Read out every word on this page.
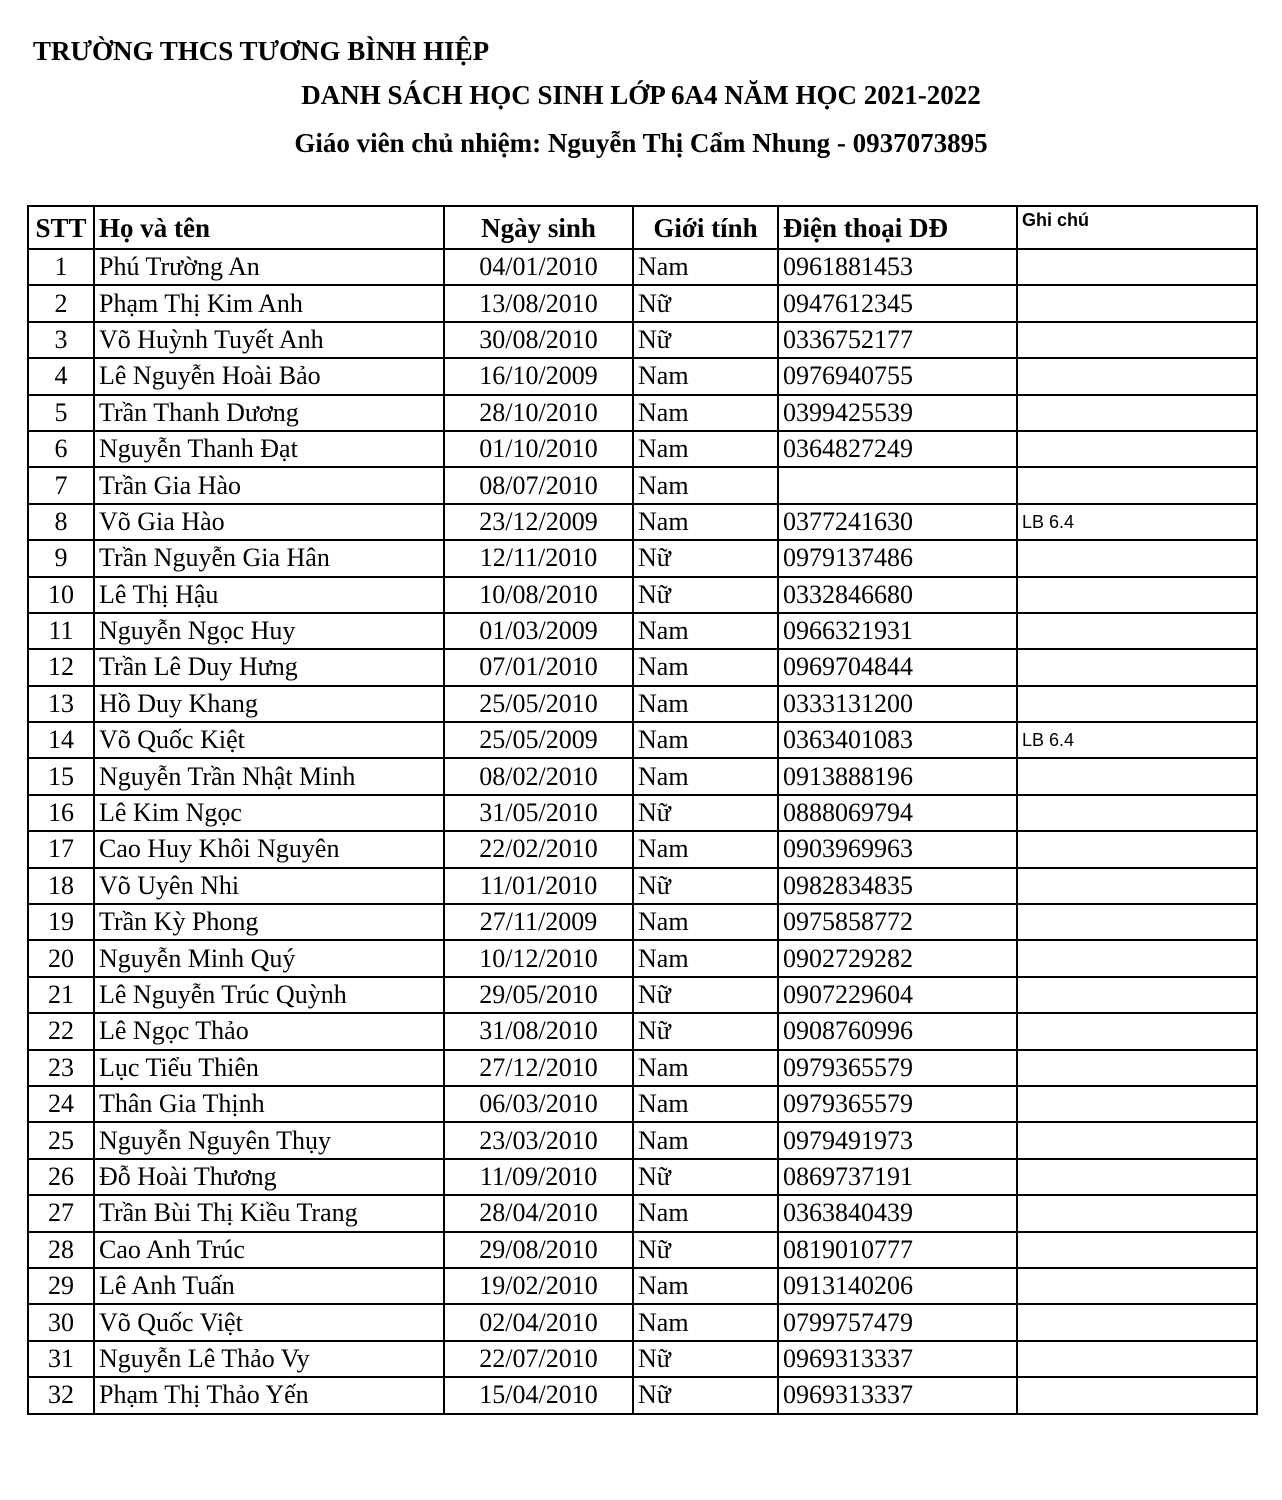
TRƯỜNG THCS TƯƠNG BÌNH HIỆP
DANH SÁCH HỌC SINH LỚP 6A4 NĂM HỌC 2021-2022
Giáo viên chủ nhiệm: Nguyễn Thị Cẩm Nhung - 0937073895
STT	Họ và tên	Ngày sinh	Giới tính	Điện thoại DĐ	Ghi chú
1	Phú Trường An	04/01/2010	Nam	0961881453	
2	Phạm Thị Kim Anh	13/08/2010	Nữ	0947612345	
3	Võ Huỳnh Tuyết Anh	30/08/2010	Nữ	0336752177	
4	Lê Nguyễn Hoài Bảo	16/10/2009	Nam	0976940755	
5	Trần Thanh Dương	28/10/2010	Nam	0399425539	
6	Nguyễn Thanh Đạt	01/10/2010	Nam	0364827249	
7	Trần Gia Hào	08/07/2010	Nam		
8	Võ Gia Hào	23/12/2009	Nam	0377241630	LB 6.4
9	Trần Nguyễn Gia Hân	12/11/2010	Nữ	0979137486	
10	Lê Thị Hậu	10/08/2010	Nữ	0332846680	
11	Nguyễn Ngọc Huy	01/03/2009	Nam	0966321931	
12	Trần Lê Duy Hưng	07/01/2010	Nam	0969704844	
13	Hồ Duy Khang	25/05/2010	Nam	0333131200	
14	Võ Quốc Kiệt	25/05/2009	Nam	0363401083	LB 6.4
15	Nguyễn Trần Nhật Minh	08/02/2010	Nam	0913888196	
16	Lê Kim Ngọc	31/05/2010	Nữ	0888069794	
17	Cao Huy Khôi Nguyên	22/02/2010	Nam	0903969963	
18	Võ Uyên Nhi	11/01/2010	Nữ	0982834835	
19	Trần Kỳ Phong	27/11/2009	Nam	0975858772	
20	Nguyễn Minh Quý	10/12/2010	Nam	0902729282	
21	Lê Nguyễn Trúc Quỳnh	29/05/2010	Nữ	0907229604	
22	Lê Ngọc Thảo	31/08/2010	Nữ	0908760996	
23	Lục Tiểu Thiên	27/12/2010	Nam	0979365579	
24	Thân Gia Thịnh	06/03/2010	Nam	0979365579	
25	Nguyễn Nguyên Thụy	23/03/2010	Nam	0979491973	
26	Đỗ Hoài Thương	11/09/2010	Nữ	0869737191	
27	Trần Bùi Thị Kiều Trang	28/04/2010	Nam	0363840439	
28	Cao Anh Trúc	29/08/2010	Nữ	0819010777	
29	Lê Anh Tuấn	19/02/2010	Nam	0913140206	
30	Võ Quốc Việt	02/04/2010	Nam	0799757479	
31	Nguyễn Lê Thảo Vy	22/07/2010	Nữ	0969313337	
32	Phạm Thị Thảo Yến	15/04/2010	Nữ	0969313337	
